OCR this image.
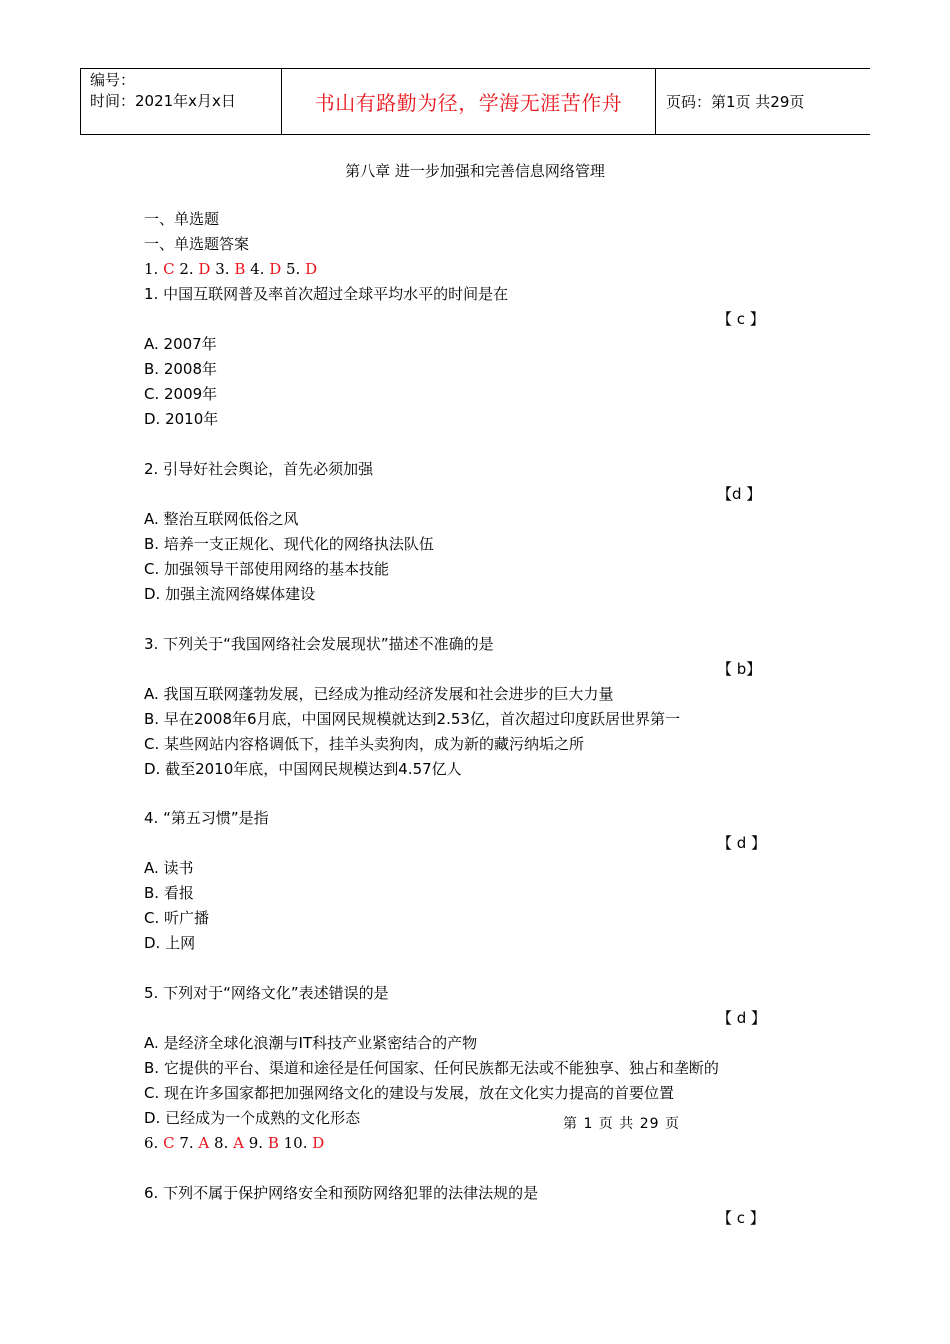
编号：
时间：2021年x月x日	书山有路勤为径，学海无涯苦作舟	页码：第1页 共29页
第八章 进一步加强和完善信息网络管理
一、单选题
一、单选题答案
1. C 2. D 3. B 4. D 5. D
1. 中国互联网普及率首次超过全球平均水平的时间是在
【 c 】
A. 2007年
B. 2008年
C. 2009年
D. 2010年
2. 引导好社会舆论，首先必须加强
【d 】
A. 整治互联网低俗之风
B. 培养一支正规化、现代化的网络执法队伍
C. 加强领导干部使用网络的基本技能
D. 加强主流网络媒体建设
3. 下列关于“我国网络社会发展现状”描述不准确的是
【 b】
A. 我国互联网蓬勃发展，已经成为推动经济发展和社会进步的巨大力量
B. 早在2008年6月底，中国网民规模就达到2.53亿，首次超过印度跃居世界第一
C. 某些网站内容格调低下，挂羊头卖狗肉，成为新的藏污纳垢之所
D. 截至2010年底，中国网民规模达到4.57亿人
4. “第五习惯”是指
【 d 】
A. 读书
B. 看报
C. 听广播
D. 上网
5. 下列对于“网络文化”表述错误的是
【 d 】
A. 是经济全球化浪潮与IT科技产业紧密结合的产物
B. 它提供的平台、渠道和途径是任何国家、任何民族都无法或不能独享、独占和垄断的
C. 现在许多国家都把加强网络文化的建设与发展，放在文化实力提高的首要位置
D. 已经成为一个成熟的文化形态
6. C 7. A 8. A 9. B 10. D
6. 下列不属于保护网络安全和预防网络犯罪的法律法规的是
【 c 】
第 1 页 共 29 页
